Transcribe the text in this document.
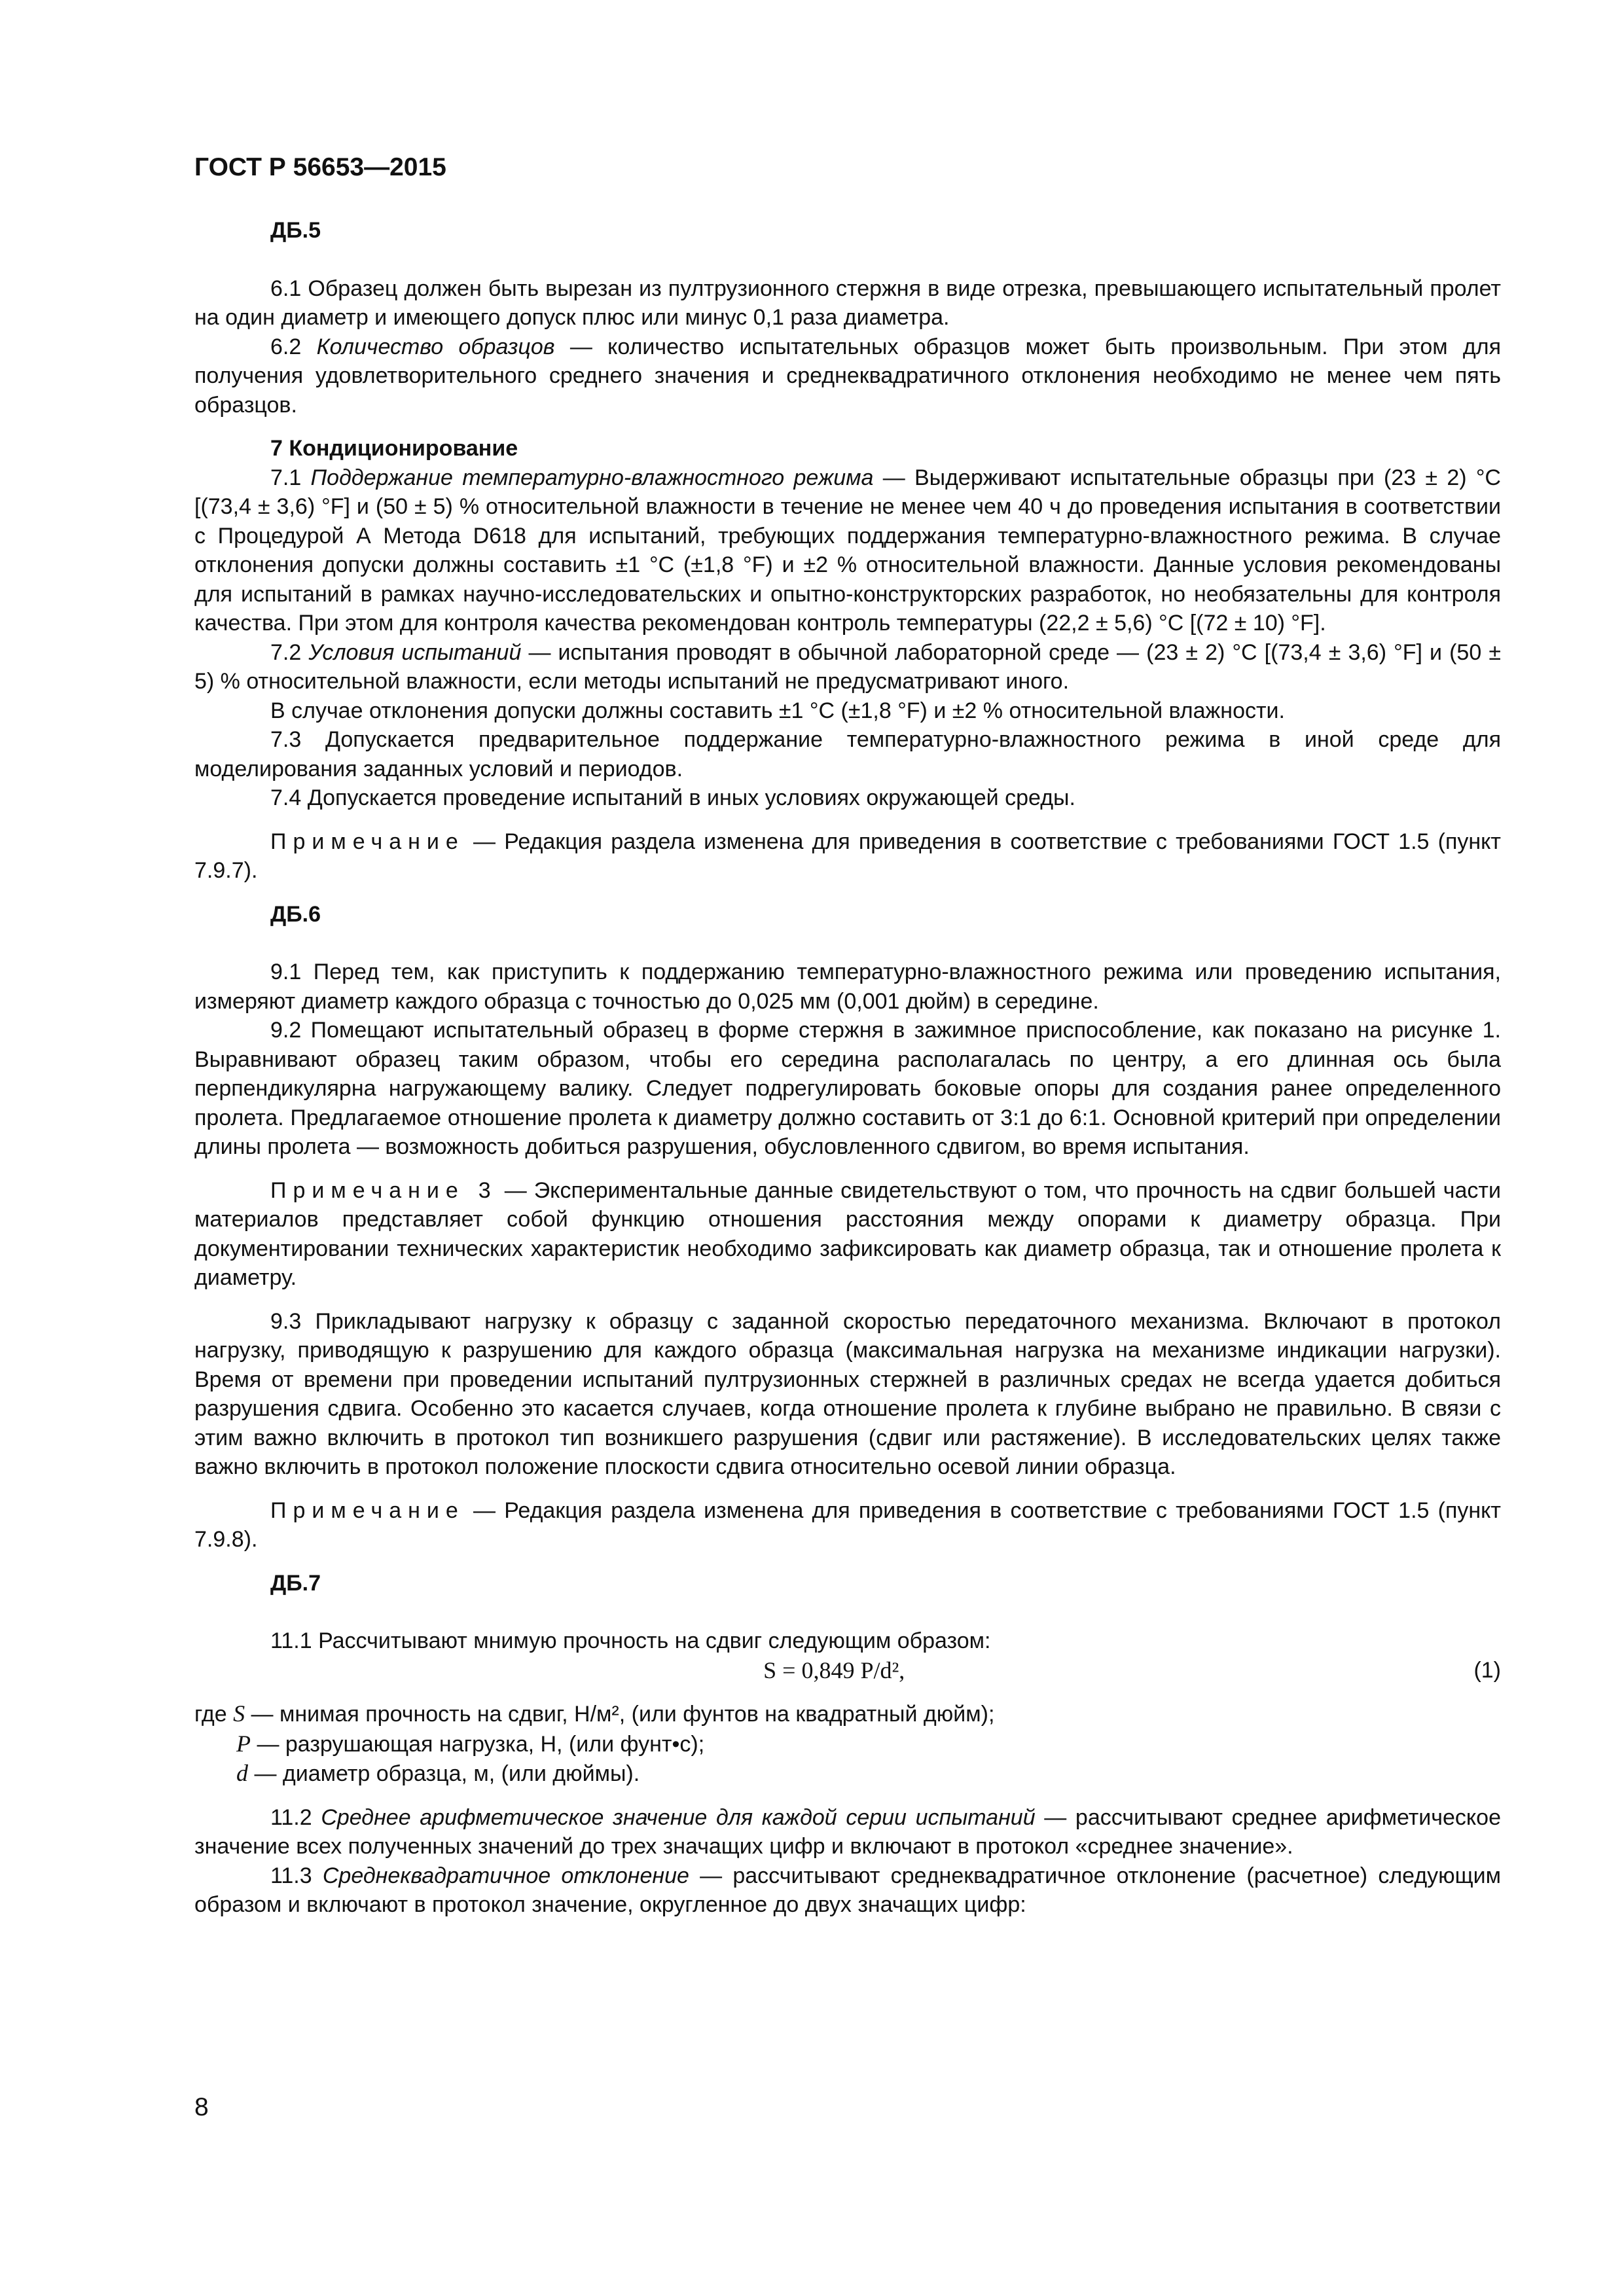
ГОСТ Р 56653—2015
ДБ.5

6.1 Образец должен быть вырезан из пултрузионного стержня в виде отрезка, превышающего испытательный пролет на один диаметр и имеющего допуск плюс или минус 0,1 раза диаметра.

6.2 Количество образцов — количество испытательных образцов может быть произвольным. При этом для получения удовлетворительного среднего значения и среднеквадратичного отклонения необходимо не менее чем пять образцов.

7 Кондиционирование

7.1 Поддержание температурно-влажностного режима — Выдерживают испытательные образцы при (23 ± 2) °С [(73,4 ± 3,6) °F] и (50 ± 5) % относительной влажности в течение не менее чем 40 ч до проведения испытания в соответствии с Процедурой А Метода D618 для испытаний, требующих поддержания температурно-влажностного режима. В случае отклонения допуски должны составить ±1 °С (±1,8 °F) и ±2 % относительной влажности. Данные условия рекомендованы для испытаний в рамках научно-исследовательских и опытно-конструкторских разработок, но необязательны для контроля качества. При этом для контроля качества рекомендован контроль температуры (22,2 ± 5,6) °С [(72 ± 10) °F].

7.2 Условия испытаний — испытания проводят в обычной лабораторной среде — (23 ± 2) °С [(73,4 ± 3,6) °F] и (50 ± 5) % относительной влажности, если методы испытаний не предусматривают иного.

В случае отклонения допуски должны составить ±1 °С (±1,8 °F) и ±2 % относительной влажности.

7.3 Допускается предварительное поддержание температурно-влажностного режима в иной среде для моделирования заданных условий и периодов.

7.4 Допускается проведение испытаний в иных условиях окружающей среды.

Примечание — Редакция раздела изменена для приведения в соответствие с требованиями ГОСТ 1.5 (пункт 7.9.7).

ДБ.6

9.1 Перед тем, как приступить к поддержанию температурно-влажностного режима или проведению испытания, измеряют диаметр каждого образца с точностью до 0,025 мм (0,001 дюйм) в середине.

9.2 Помещают испытательный образец в форме стержня в зажимное приспособление, как показано на рисунке 1. Выравнивают образец таким образом, чтобы его середина располагалась по центру, а его длинная ось была перпендикулярна нагружающему валику. Следует подрегулировать боковые опоры для создания ранее определенного пролета. Предлагаемое отношение пролета к диаметру должно составить от 3:1 до 6:1. Основной критерий при определении длины пролета — возможность добиться разрушения, обусловленного сдвигом, во время испытания.

Примечание 3 — Экспериментальные данные свидетельствуют о том, что прочность на сдвиг большей части материалов представляет собой функцию отношения расстояния между опорами к диаметру образца. При документировании технических характеристик необходимо зафиксировать как диаметр образца, так и отношение пролета к диаметру.

9.3 Прикладывают нагрузку к образцу с заданной скоростью передаточного механизма. Включают в протокол нагрузку, приводящую к разрушению для каждого образца (максимальная нагрузка на механизме индикации нагрузки). Время от времени при проведении испытаний пултрузионных стержней в различных средах не всегда удается добиться разрушения сдвига. Особенно это касается случаев, когда отношение пролета к глубине выбрано не правильно. В связи с этим важно включить в протокол тип возникшего разрушения (сдвиг или растяжение). В исследовательских целях также важно включить в протокол положение плоскости сдвига относительно осевой линии образца.

Примечание — Редакция раздела изменена для приведения в соответствие с требованиями ГОСТ 1.5 (пункт 7.9.8).

ДБ.7

11.1 Рассчитывают мнимую прочность на сдвиг следующим образом:

S = 0,849 P/d²,	(1)

где S — мнимая прочность на сдвиг, Н/м², (или фунтов на квадратный дюйм);

P — разрушающая нагрузка, Н, (или фунт•с);

d — диаметр образца, м, (или дюймы).

11.2 Среднее арифметическое значение для каждой серии испытаний — рассчитывают среднее арифметическое значение всех полученных значений до трех значащих цифр и включают в протокол «среднее значение».

11.3 Среднеквадратичное отклонение — рассчитывают среднеквадратичное отклонение (расчетное) следующим образом и включают в протокол значение, округленное до двух значащих цифр:

8
